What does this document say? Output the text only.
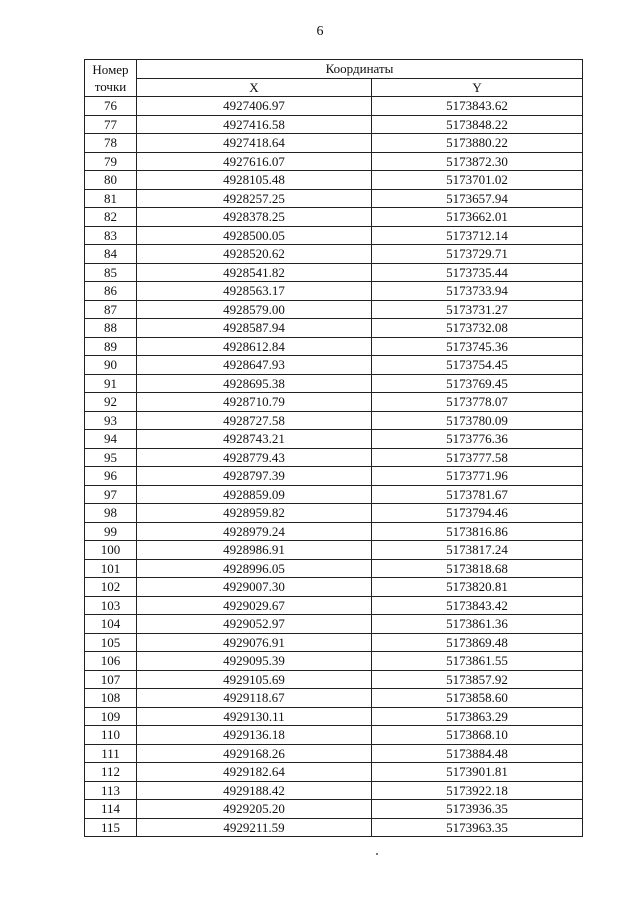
6
Номер
точки	Координаты	
	X	Y
76	4927406.97	5173843.62
77	4927416.58	5173848.22
78	4927418.64	5173880.22
79	4927616.07	5173872.30
80	4928105.48	5173701.02
81	4928257.25	5173657.94
82	4928378.25	5173662.01
83	4928500.05	5173712.14
84	4928520.62	5173729.71
85	4928541.82	5173735.44
86	4928563.17	5173733.94
87	4928579.00	5173731.27
88	4928587.94	5173732.08
89	4928612.84	5173745.36
90	4928647.93	5173754.45
91	4928695.38	5173769.45
92	4928710.79	5173778.07
93	4928727.58	5173780.09
94	4928743.21	5173776.36
95	4928779.43	5173777.58
96	4928797.39	5173771.96
97	4928859.09	5173781.67
98	4928959.82	5173794.46
99	4928979.24	5173816.86
100	4928986.91	5173817.24
101	4928996.05	5173818.68
102	4929007.30	5173820.81
103	4929029.67	5173843.42
104	4929052.97	5173861.36
105	4929076.91	5173869.48
106	4929095.39	5173861.55
107	4929105.69	5173857.92
108	4929118.67	5173858.60
109	4929130.11	5173863.29
110	4929136.18	5173868.10
111	4929168.26	5173884.48
112	4929182.64	5173901.81
113	4929188.42	5173922.18
114	4929205.20	5173936.35
115	4929211.59	5173963.35
